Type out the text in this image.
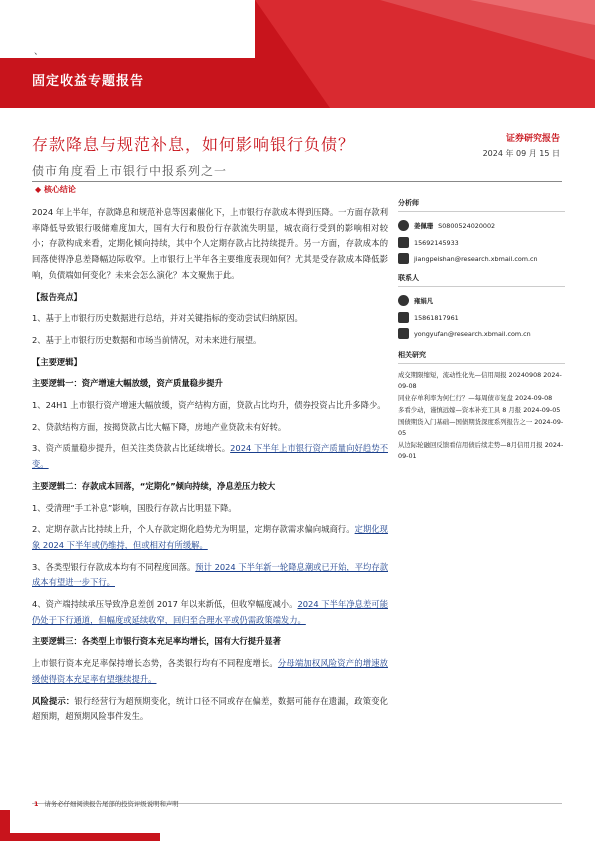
、
固定收益专题报告
存款降息与规范补息，如何影响银行负债？
债市角度看上市银行中报系列之一
证券研究报告
2024 年 09 月 15 日
◆ 核心结论

2024 年上半年，存款降息和规范补息等因素催化下，上市银行存款成本得到压降。一方面存款利率降低导致银行吸储难度加大，国有大行和股份行存款流失明显，城农商行受到的影响相对较小；存款构成来看，定期化倾向持续，其中个人定期存款占比持续提升。另一方面，存款成本的回落使得净息差降幅边际收窄。上市银行上半年各主要维度表现如何？尤其是受存款成本降低影响，负债端如何变化？未来会怎么演化？本文聚焦于此。

【报告亮点】

1、基于上市银行历史数据进行总结，并对关键指标的变动尝试归纳原因。

2、基于上市银行历史数据和市场当前情况，对未来进行展望。

【主要逻辑】

主要逻辑一：资产增速大幅放缓，资产质量稳步提升

1、24H1 上市银行资产增速大幅放缓，资产结构方面，贷款占比均升，债券投资占比升多降少。

2、贷款结构方面，按揭贷款占比大幅下降，房地产业贷款未有好转。

3、资产质量稳步提升，但关注类贷款占比延续增长。2024 下半年上市银行资产质量向好趋势不变。

主要逻辑二：存款成本回落，“定期化”倾向持续，净息差压力较大

1、受清理“手工补息”影响，国股行存款占比明显下降。

2、定期存款占比持续上升，个人存款定期化趋势尤为明显，定期存款需求偏向城商行。定期化现象 2024 下半年或仍维持，但或相对有所缓解。

3、各类型银行存款成本均有不同程度回落。预计 2024 下半年新一轮降息潮或已开始，平均存款成本有望进一步下行。

4、资产端持续承压导致净息差创 2017 年以来新低，但收窄幅度减小。2024 下半年净息差可能仍处于下行通道，但幅度或延续收窄，回归至合理水平或仍需政策端发力。

主要逻辑三：各类型上市银行资本充足率均增长，国有大行提升显著

上市银行资本充足率保持增长态势，各类银行均有不同程度增长。分母端加权风险资产的增速放缓使得资本充足率有望继续提升。

风险提示：银行经营行为超预期变化，统计口径不同或存在偏差，数据可能存在遗漏，政策变化超预期，超预期风险事件发生。

分析师
姜佩珊 S0800524020002
15692145933
jiangpeishan@research.xbmail.com.cn
联系人
雍娟凡
15861817961
yongyufan@research.xbmail.com.cn
相关研究
成交期限缩短，流动性化先—信用周报 20240908 2024-09-08
同业存单利率为何仁行？—每周债市复盘 2024-09-08
多看少动，谨慎远嫁—资本补充工具 8 月报 2024-09-05
国债期货入门基础—国债期货深度系列报告之一 2024-09-05
从边际轮融回反馈看信用债后续走势—8月信用月报 2024-09-01
1 请务必仔细阅读报告尾部的投资评级说明和声明
